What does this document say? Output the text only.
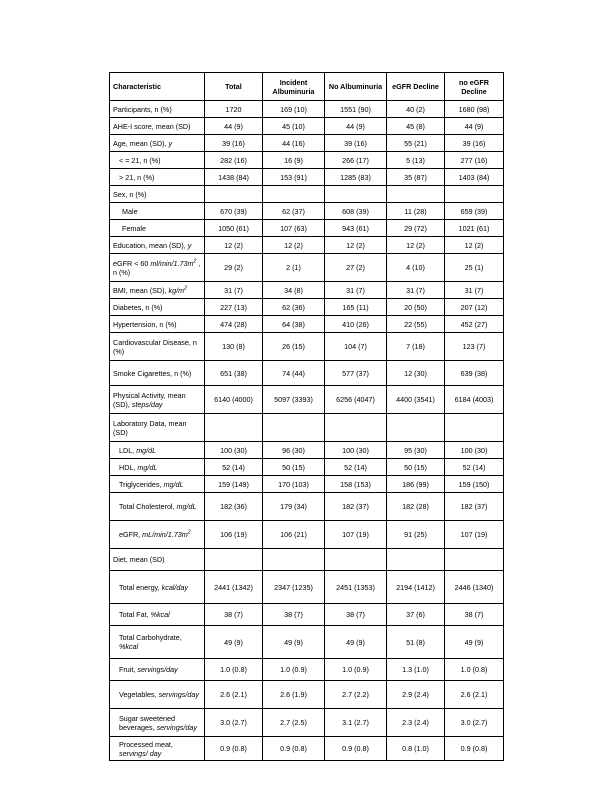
Characteristic	Total	Incident Albuminuria	No Albuminuria	eGFR Decline	no eGFR Decline
Participants, n (%)	1720	169 (10)	1551 (90)	40 (2)	1680 (98)
AHE-I score, mean (SD)	44 (9)	45 (10)	44 (9)	45 (8)	44 (9)
Age, mean (SD), y	39 (16)	44 (16)	39 (16)	55 (21)	39 (16)
< = 21, n (%)	282 (16)	16 (9)	266 (17)	5 (13)	277 (16)
> 21, n (%)	1438 (84)	153 (91)	1285 (83)	35 (87)	1403 (84)
Sex, n (%)					
Male	670 (39)	62 (37)	608 (39)	11 (28)	659 (39)
Female	1050 (61)	107 (63)	943 (61)	29 (72)	1021 (61)
Education, mean (SD), y	12 (2)	12 (2)	12 (2)	12 (2)	12 (2)
eGFR < 60 $ml/\min/1.73m^2$ , n (%)	29 (2)	2 (1)	27 (2)	4 (10)	25 (1)
BMI, mean (SD), $kg/m^2$	31 (7)	34 (8)	31 (7)	31 (7)	31 (7)
Diabetes, n (%)	227 (13)	62 (36)	165 (11)	20 (50)	207 (12)
Hypertension, n (%)	474 (28)	64 (38)	410 (26)	22 (55)	452 (27)
Cardiovascular Disease, n (%)	130 (8)	26 (15)	104 (7)	7 (18)	123 (7)
Smoke Cigarettes, n (%)	651 (38)	74 (44)	577 (37)	12 (30)	639 (38)
Physical Activity, mean (SD), steps/day	6140 (4000)	5097 (3393)	6256 (4047)	4400 (3541)	6184 (4003)
Laboratory Data, mean (SD)					
LDL, mg/dL	100 (30)	96 (30)	100 (30)	95 (30)	100 (30)
HDL, mg/dL	52 (14)	50 (15)	52 (14)	50 (15)	52 (14)
Triglycerides, mg/dL	159 (149)	170 (103)	158 (153)	186 (99)	159 (150)
Total Cholesterol, mg/dL	182 (36)	179 (34)	182 (37)	182 (28)	182 (37)
eGFR, $mL/\min/1.73m^2$	106 (19)	106 (21)	107 (19)	91 (25)	107 (19)
Diet, mean (SD)					
Total energy, kcal/day	2441 (1342)	2347 (1235)	2451 (1353)	2194 (1412)	2446 (1340)
Total Fat, %kcal	38 (7)	38 (7)	38 (7)	37 (6)	38 (7)
Total Carbohydrate, %kcal	49 (9)	49 (9)	49 (9)	51 (8)	49 (9)
Fruit, servings/day	1.0 (0.8)	1.0 (0.9)	1.0 (0.9)	1.3 (1.0)	1.0 (0.8)
Vegetables, servings/day	2.6 (2.1)	2.6 (1.9)	2.7 (2.2)	2.9 (2.4)	2.6 (2.1)
Sugar sweetened beverages, servings/day	3.0 (2.7)	2.7 (2.5)	3.1 (2.7)	2.3 (2.4)	3.0 (2.7)
Processed meat, servings/ day	0.9 (0.8)	0.9 (0.8)	0.9 (0.8)	0.8 (1.0)	0.9 (0.8)
